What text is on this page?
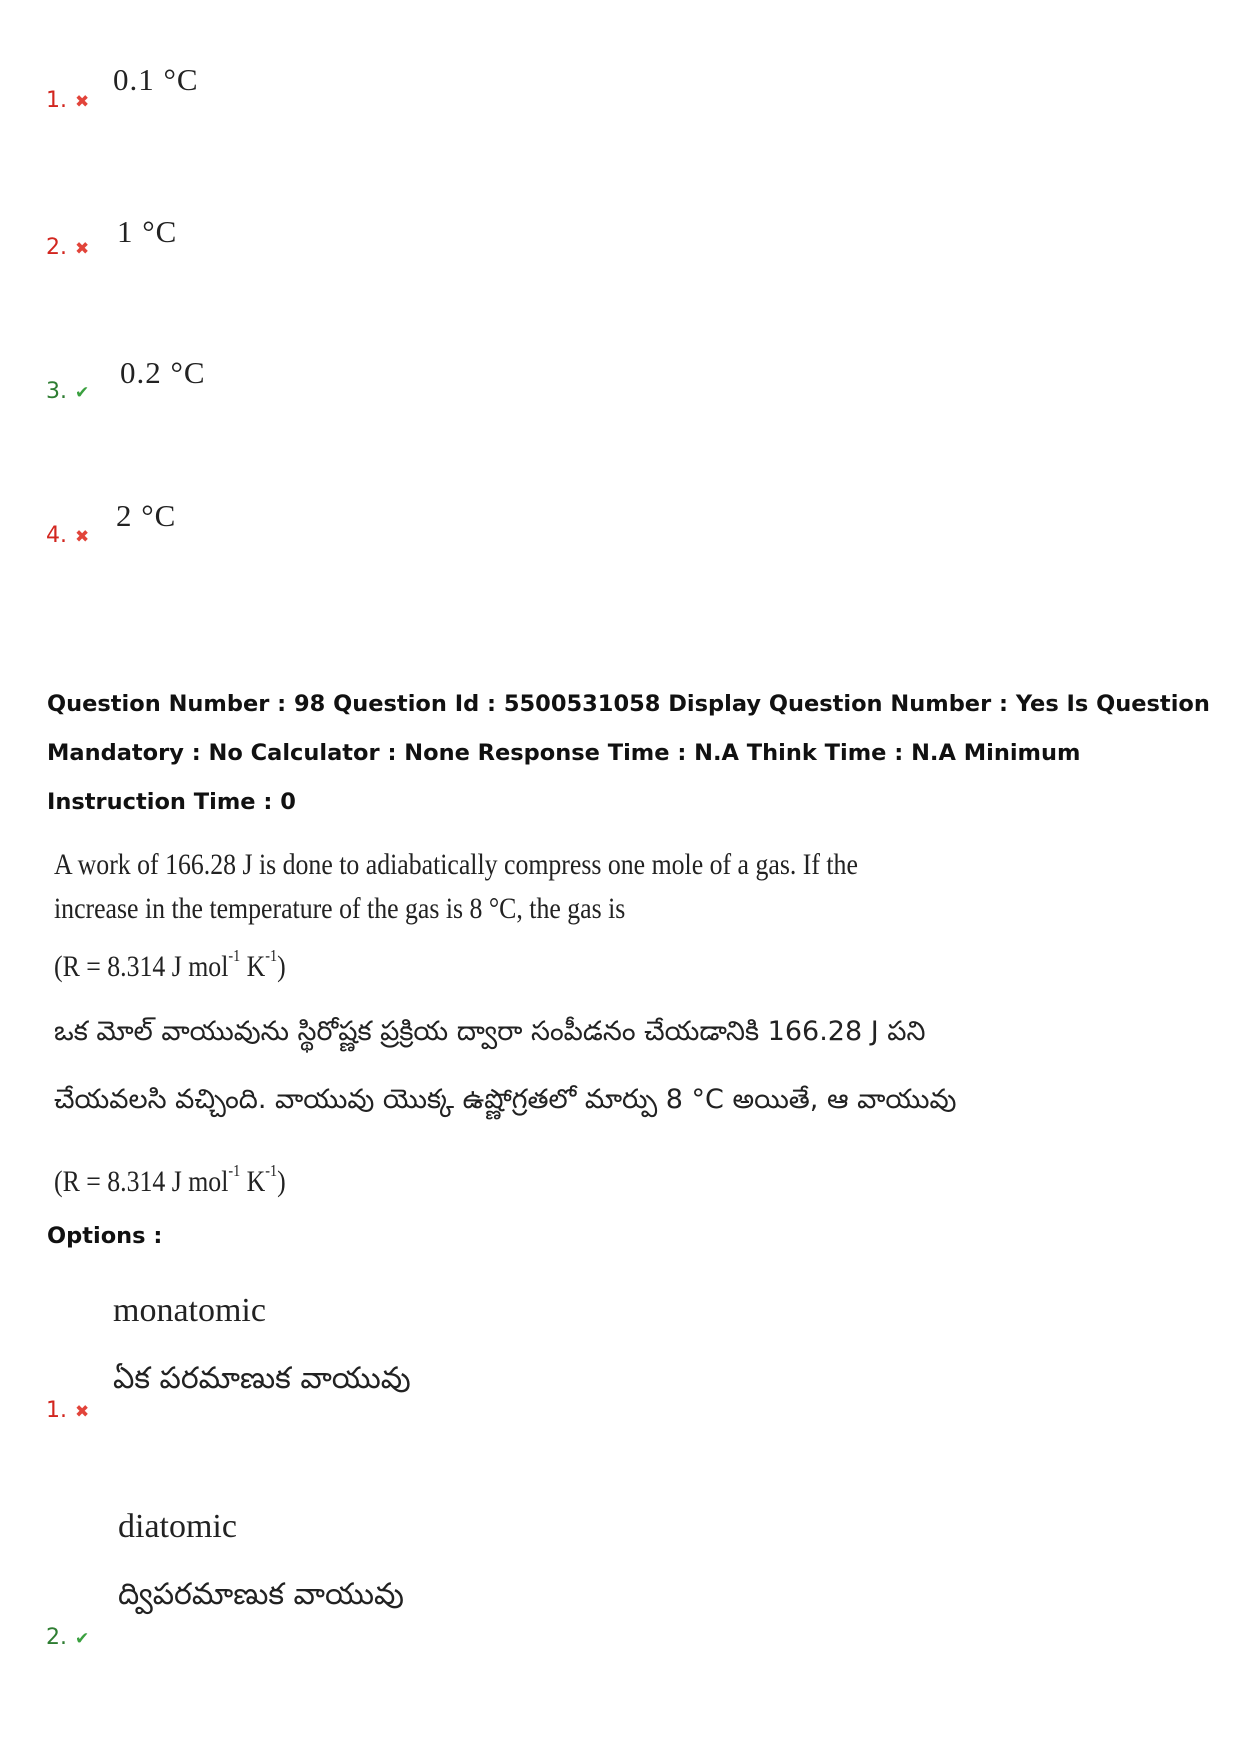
1. ✖
0.1 °C
2. ✖ 1 °C
3. ✔
0.2 °C
4. ✖
2 °C
Question Number : 98 Question Id : 5500531058 Display Question Number : Yes Is Question Mandatory : No Calculator : None Response Time : N.A Think Time : N.A Minimum Instruction Time : 0
A work of 166.28 J is done to adiabatically compress one mole of a gas. If the
increase in the temperature of the gas is 8 °C, the gas is
(R = 8.314 J mol$^{-1}$ $K^{-1}$)
ఒక మోల్ వాయువును స్థిరోష్ణక ప్రక్రియ ద్వారా సంపీడనం చేయడానికి 166.28 J పని
చేయవలసి వచ్చింది. వాయువు యొక్క ఉష్ణోగ్రతలో మార్పు 8 °C అయితే, ఆ వాయువు
(R = 8.314 J mol$^{-1}$ $K^{-1}$)
Options :
monatomic
ఏక పరమాణుక వాయువు
1. ✖
diatomic
ద్విపరమాణుక వాయువు
2. ✔
